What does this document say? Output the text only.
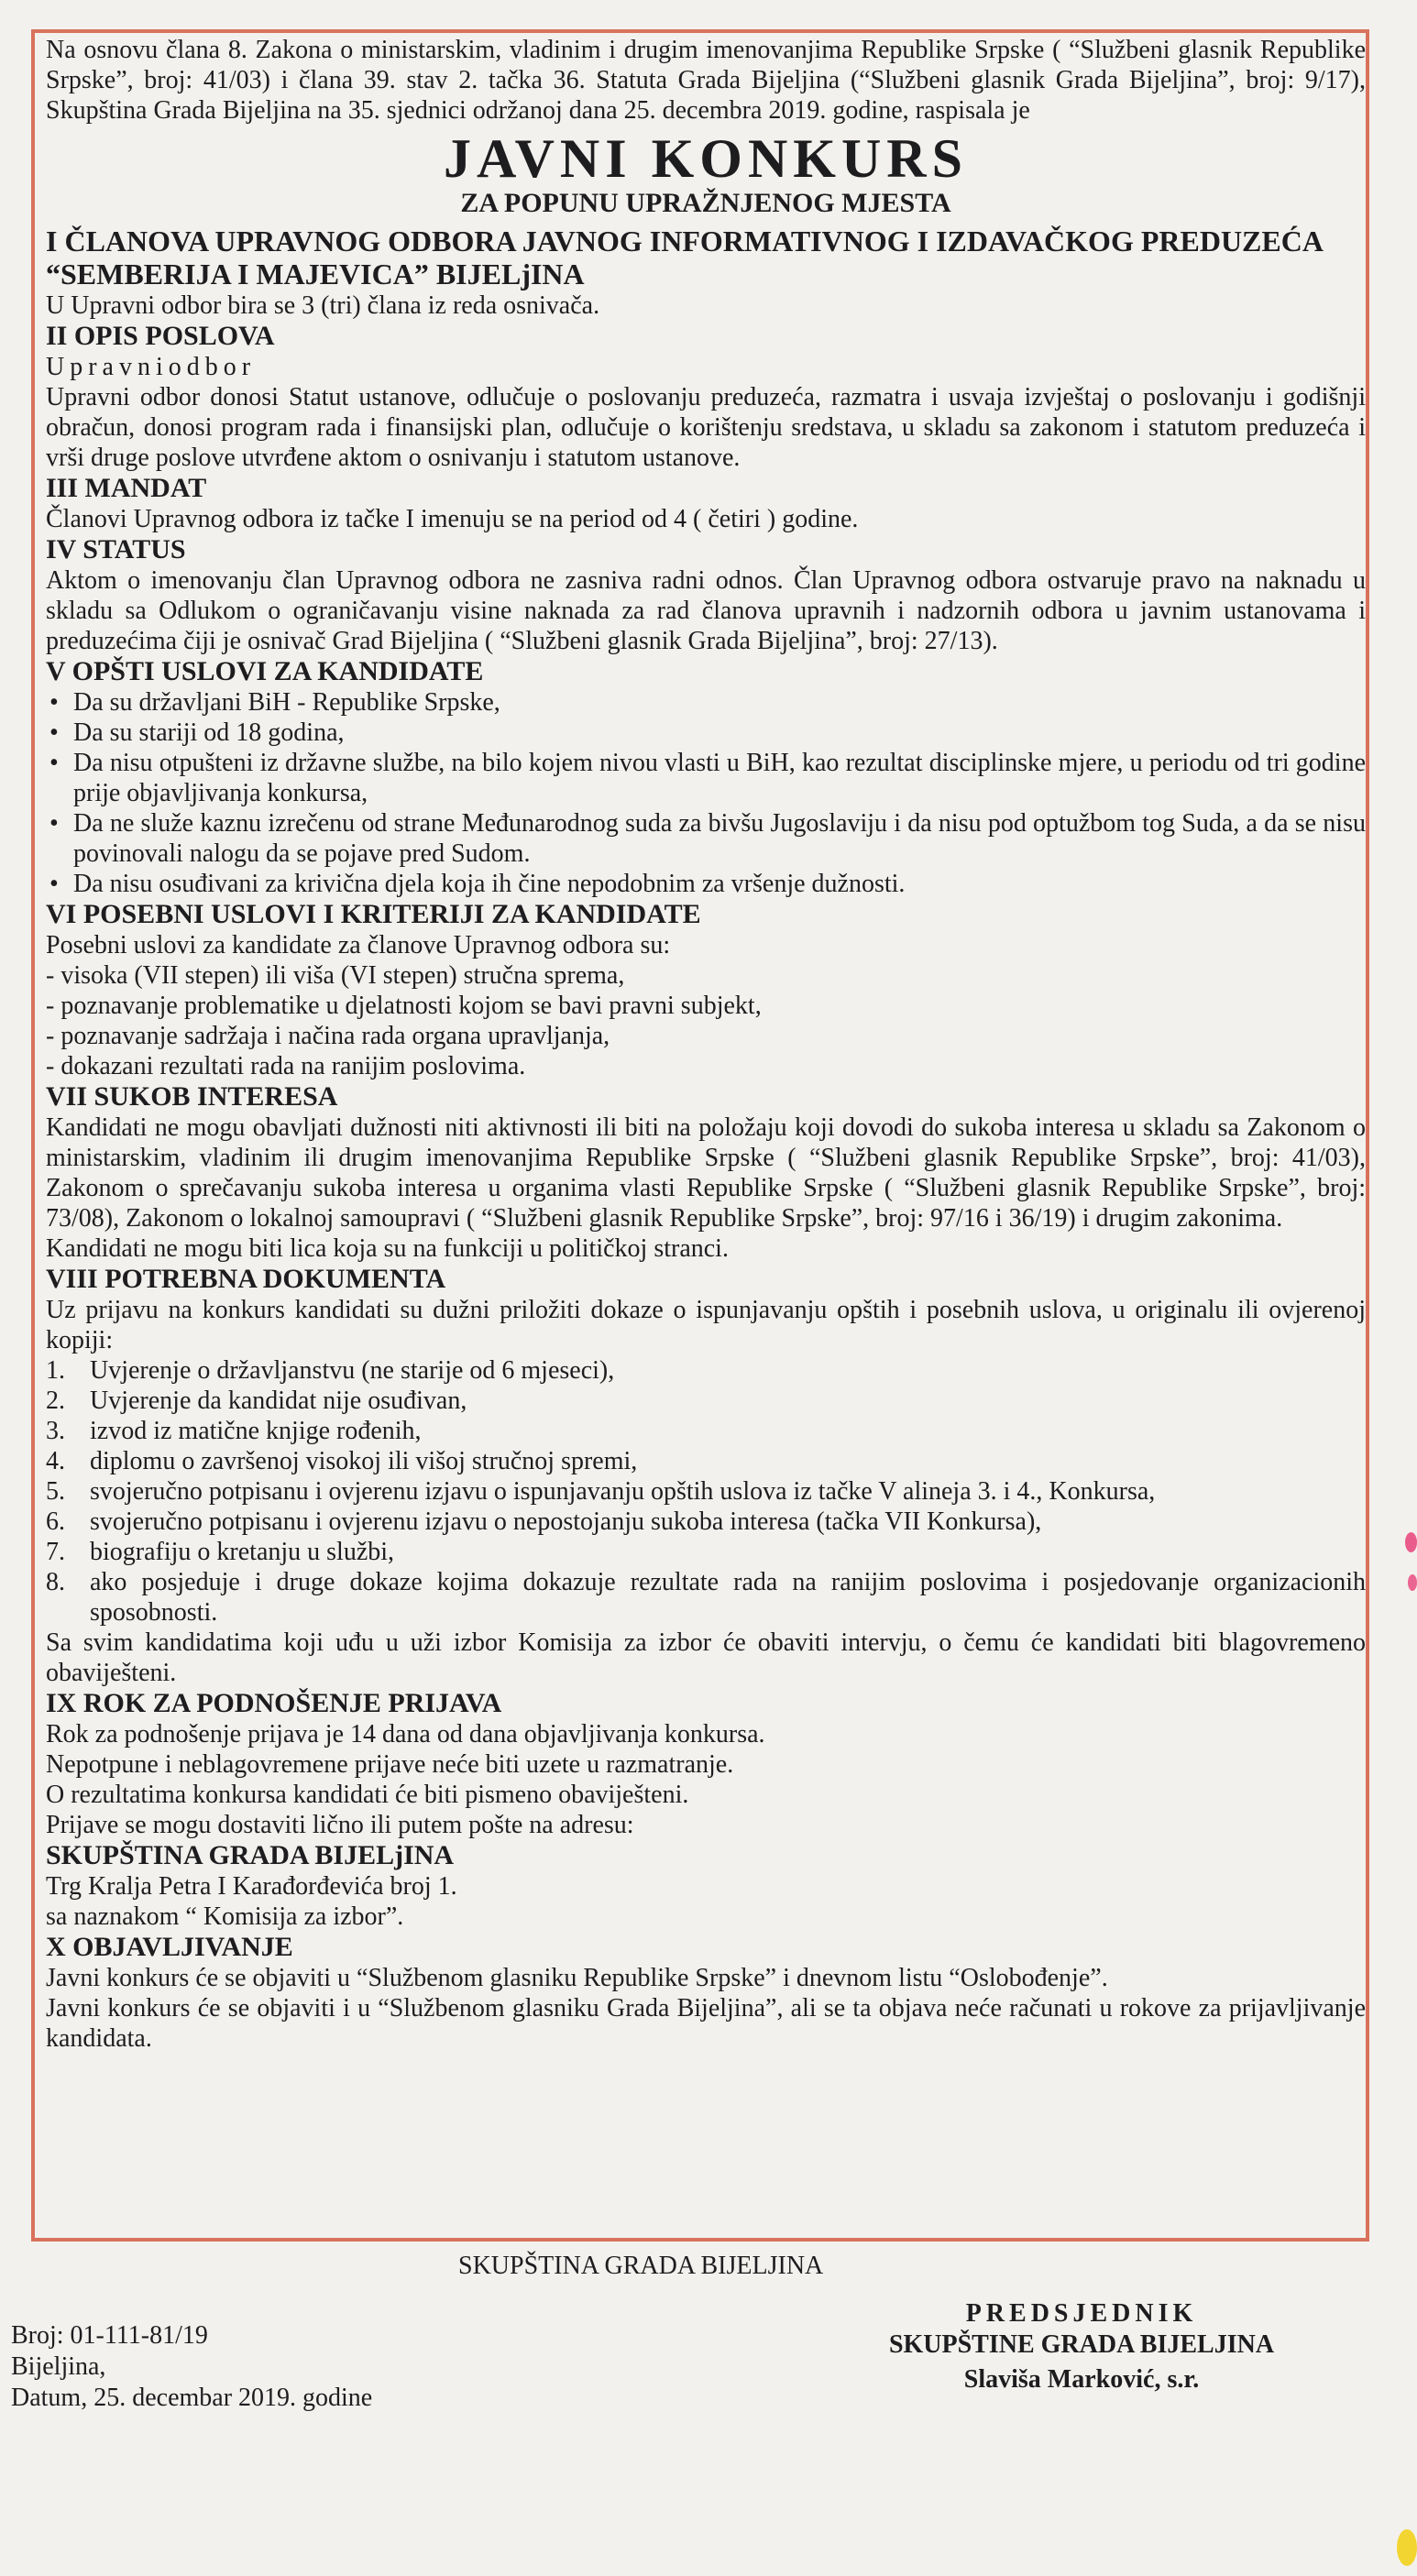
Na osnovu člana 8. Zakona o ministarskim, vladinim i drugim imenovanjima Republike Srpske ( “Službeni glasnik Republike Srpske”, broj: 41/03) i člana 39. stav 2. tačka 36. Statuta Grada Bijeljina (“Službeni glasnik Grada Bijeljina”, broj: 9/17), Skupština Grada Bijeljina na 35. sjednici održanoj dana 25. decembra 2019. godine, raspisala je

JAVNI KONKURS
ZA POPUNU UPRAŽNJENOG MJESTA
I ČLANOVA UPRAVNOG ODBORA JAVNOG INFORMATIVNOG I IZDAVAČKOG PREDUZEĆA “SEMBERIJA I MAJEVICA” BIJELjINA

U Upravni odbor bira se 3 (tri) člana iz reda osnivača.

II OPIS POSLOVA

Upravniodbor

Upravni odbor donosi Statut ustanove, odlučuje o poslovanju preduzeća, razmatra i usvaja izvještaj o poslovanju i godišnji obračun, donosi program rada i finansijski plan, odlučuje o korištenju sredstava, u skladu sa zakonom i statutom preduzeća i vrši druge poslove utvrđene aktom o osnivanju i statutom ustanove.

III MANDAT

Članovi Upravnog odbora iz tačke I imenuju se na period od 4 ( četiri ) godine.

IV STATUS

Aktom o imenovanju član Upravnog odbora ne zasniva radni odnos. Član Upravnog odbora ostvaruje pravo na naknadu u skladu sa Odlukom o ograničavanju visine naknada za rad članova upravnih i nadzornih odbora u javnim ustanovama i preduzećima čiji je osnivač Grad Bijeljina ( “Službeni glasnik Grada Bijeljina”, broj: 27/13).

V OPŠTI USLOVI ZA KANDIDATE
• Da su državljani BiH - Republike Srpske,
• Da su stariji od 18 godina,
• Da nisu otpušteni iz državne službe, na bilo kojem nivou vlasti u BiH, kao rezultat disciplinske mjere, u periodu od tri godine prije objavljivanja konkursa,
• Da ne služe kaznu izrečenu od strane Međunarodnog suda za bivšu Jugoslaviju i da nisu pod optužbom tog Suda, a da se nisu povinovali nalogu da se pojave pred Sudom.
• Da nisu osuđivani za krivična djela koja ih čine nepodobnim za vršenje dužnosti.
VI POSEBNI USLOVI I KRITERIJI ZA KANDIDATE

Posebni uslovi za kandidate za članove Upravnog odbora su:

- visoka (VII stepen) ili viša (VI stepen) stručna sprema,
- poznavanje problematike u djelatnosti kojom se bavi pravni subjekt,
- poznavanje sadržaja i načina rada organa upravljanja,
- dokazani rezultati rada na ranijim poslovima.
VII SUKOB INTERESA

Kandidati ne mogu obavljati dužnosti niti aktivnosti ili biti na položaju koji dovodi do sukoba interesa u skladu sa Zakonom o ministarskim, vladinim ili drugim imenovanjima Republike Srpske ( “Službeni glasnik Republike Srpske”, broj: 41/03), Zakonom o sprečavanju sukoba interesa u organima vlasti Republike Srpske ( “Službeni glasnik Republike Srpske”, broj: 73/08), Zakonom o lokalnoj samoupravi ( “Službeni glasnik Republike Srpske”, broj: 97/16 i 36/19) i drugim zakonima.

Kandidati ne mogu biti lica koja su na funkciji u političkoj stranci.

VIII POTREBNA DOKUMENTA

Uz prijavu na konkurs kandidati su dužni priložiti dokaze o ispunjavanju opštih i posebnih uslova, u originalu ili ovjerenoj kopiji:

1. Uvjerenje o državljanstvu (ne starije od 6 mjeseci),
2. Uvjerenje da kandidat nije osuđivan,
3. izvod iz matične knjige rođenih,
4. diplomu o završenoj visokoj ili višoj stručnoj spremi,
5. svojeručno potpisanu i ovjerenu izjavu o ispunjavanju opštih uslova iz tačke V alineja 3. i 4., Konkursa,
6. svojeručno potpisanu i ovjerenu izjavu o nepostojanju sukoba interesa (tačka VII Konkursa),
7. biografiju o kretanju u službi,
8. ako posjeduje i druge dokaze kojima dokazuje rezultate rada na ranijim poslovima i posjedovanje organizacionih sposobnosti.

Sa svim kandidatima koji uđu u uži izbor Komisija za izbor će obaviti intervju, o čemu će kandidati biti blagovremeno obaviješteni.

IX ROK ZA PODNOŠENJE PRIJAVA
Rok za podnošenje prijava je 14 dana od dana objavljivanja konkursa.
Nepotpune i neblagovremene prijave neće biti uzete u razmatranje.
O rezultatima konkursa kandidati će biti pismeno obaviješteni.
Prijave se mogu dostaviti lično ili putem pošte na adresu:
SKUPŠTINA GRADA BIJELjINA
Trg Kralja Petra I Karađorđevića broj 1.
sa naznakom “ Komisija za izbor”.
X OBJAVLJIVANJE

Javni konkurs će se objaviti u “Službenom glasniku Republike Srpske” i dnevnom listu “Oslobođenje”.

Javni konkurs će se objaviti i u “Službenom glasniku Grada Bijeljina”, ali se ta objava neće računati u rokove za prijavljivanje kandidata.

SKUPŠTINA GRADA BIJELJINA
Broj: 01-111-81/19
Bijeljina,
Datum, 25. decembar 2019. godine
PREDSJEDNIK
SKUPŠTINE GRADA BIJELJINA
Slaviša Marković, s.r.
